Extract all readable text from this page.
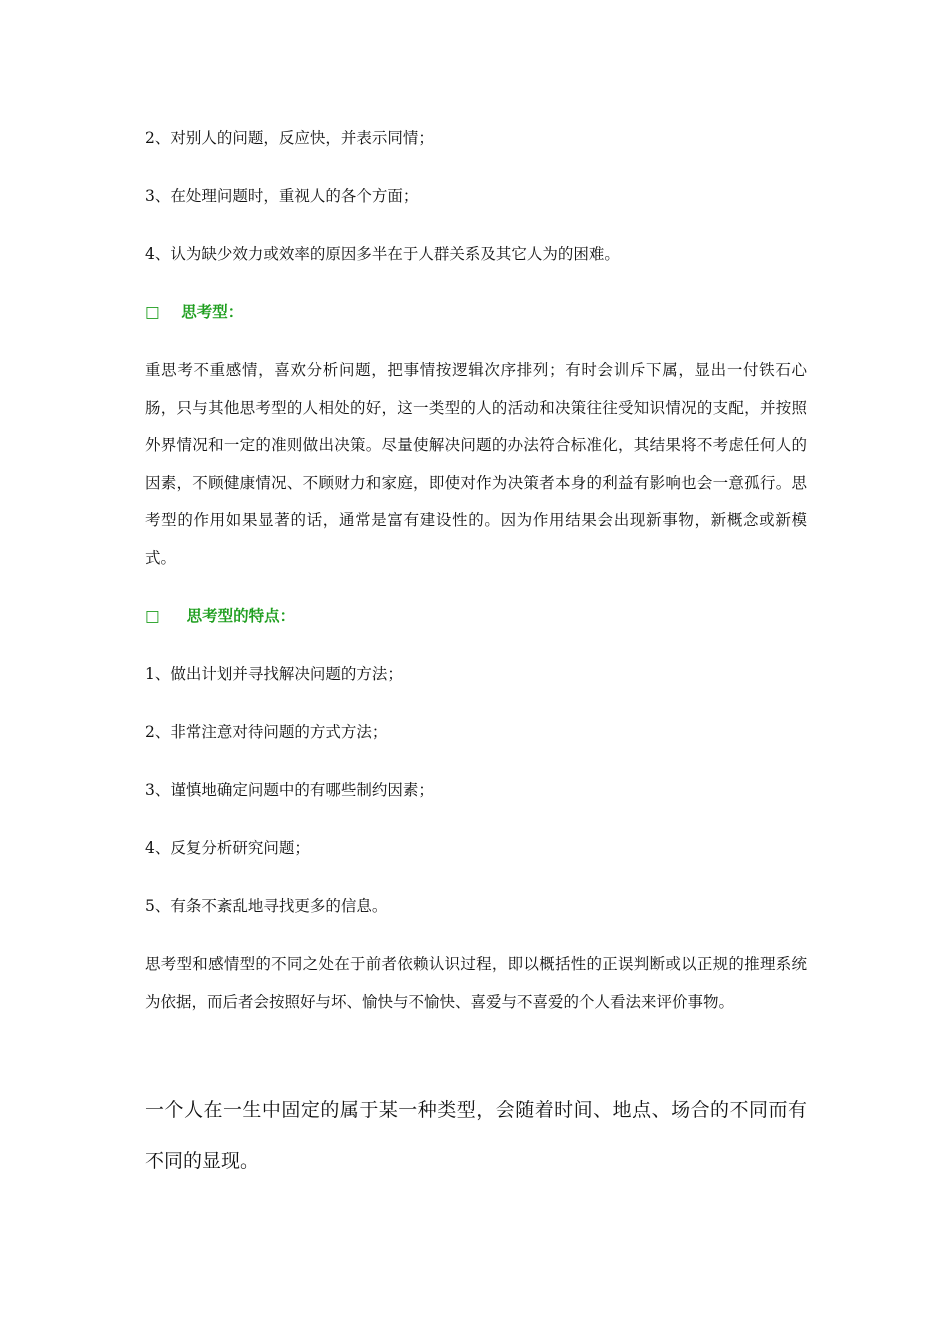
2、对别人的问题，反应快，并表示同情；
3、在处理问题时，重视人的各个方面；
4、认为缺少效力或效率的原因多半在于人群关系及其它人为的困难。
□ 思考型：
重思考不重感情，喜欢分析问题，把事情按逻辑次序排列；有时会训斥下属，显出一付铁石心肠，只与其他思考型的人相处的好，这一类型的人的活动和决策往往受知识情况的支配，并按照外界情况和一定的准则做出决策。尽量使解决问题的办法符合标准化，其结果将不考虑任何人的因素，不顾健康情况、不顾财力和家庭，即使对作为决策者本身的利益有影响也会一意孤行。思考型的作用如果显著的话，通常是富有建设性的。因为作用结果会出现新事物，新概念或新模式。
□ 思考型的特点：
1、做出计划并寻找解决问题的方法；
2、非常注意对待问题的方式方法；
3、谨慎地确定问题中的有哪些制约因素；
4、反复分析研究问题；
5、有条不紊乱地寻找更多的信息。
思考型和感情型的不同之处在于前者依赖认识过程，即以概括性的正误判断或以正规的推理系统为依据，而后者会按照好与坏、愉快与不愉快、喜爱与不喜爱的个人看法来评价事物。
一个人在一生中固定的属于某一种类型，会随着时间、地点、场合的不同而有不同的显现。
